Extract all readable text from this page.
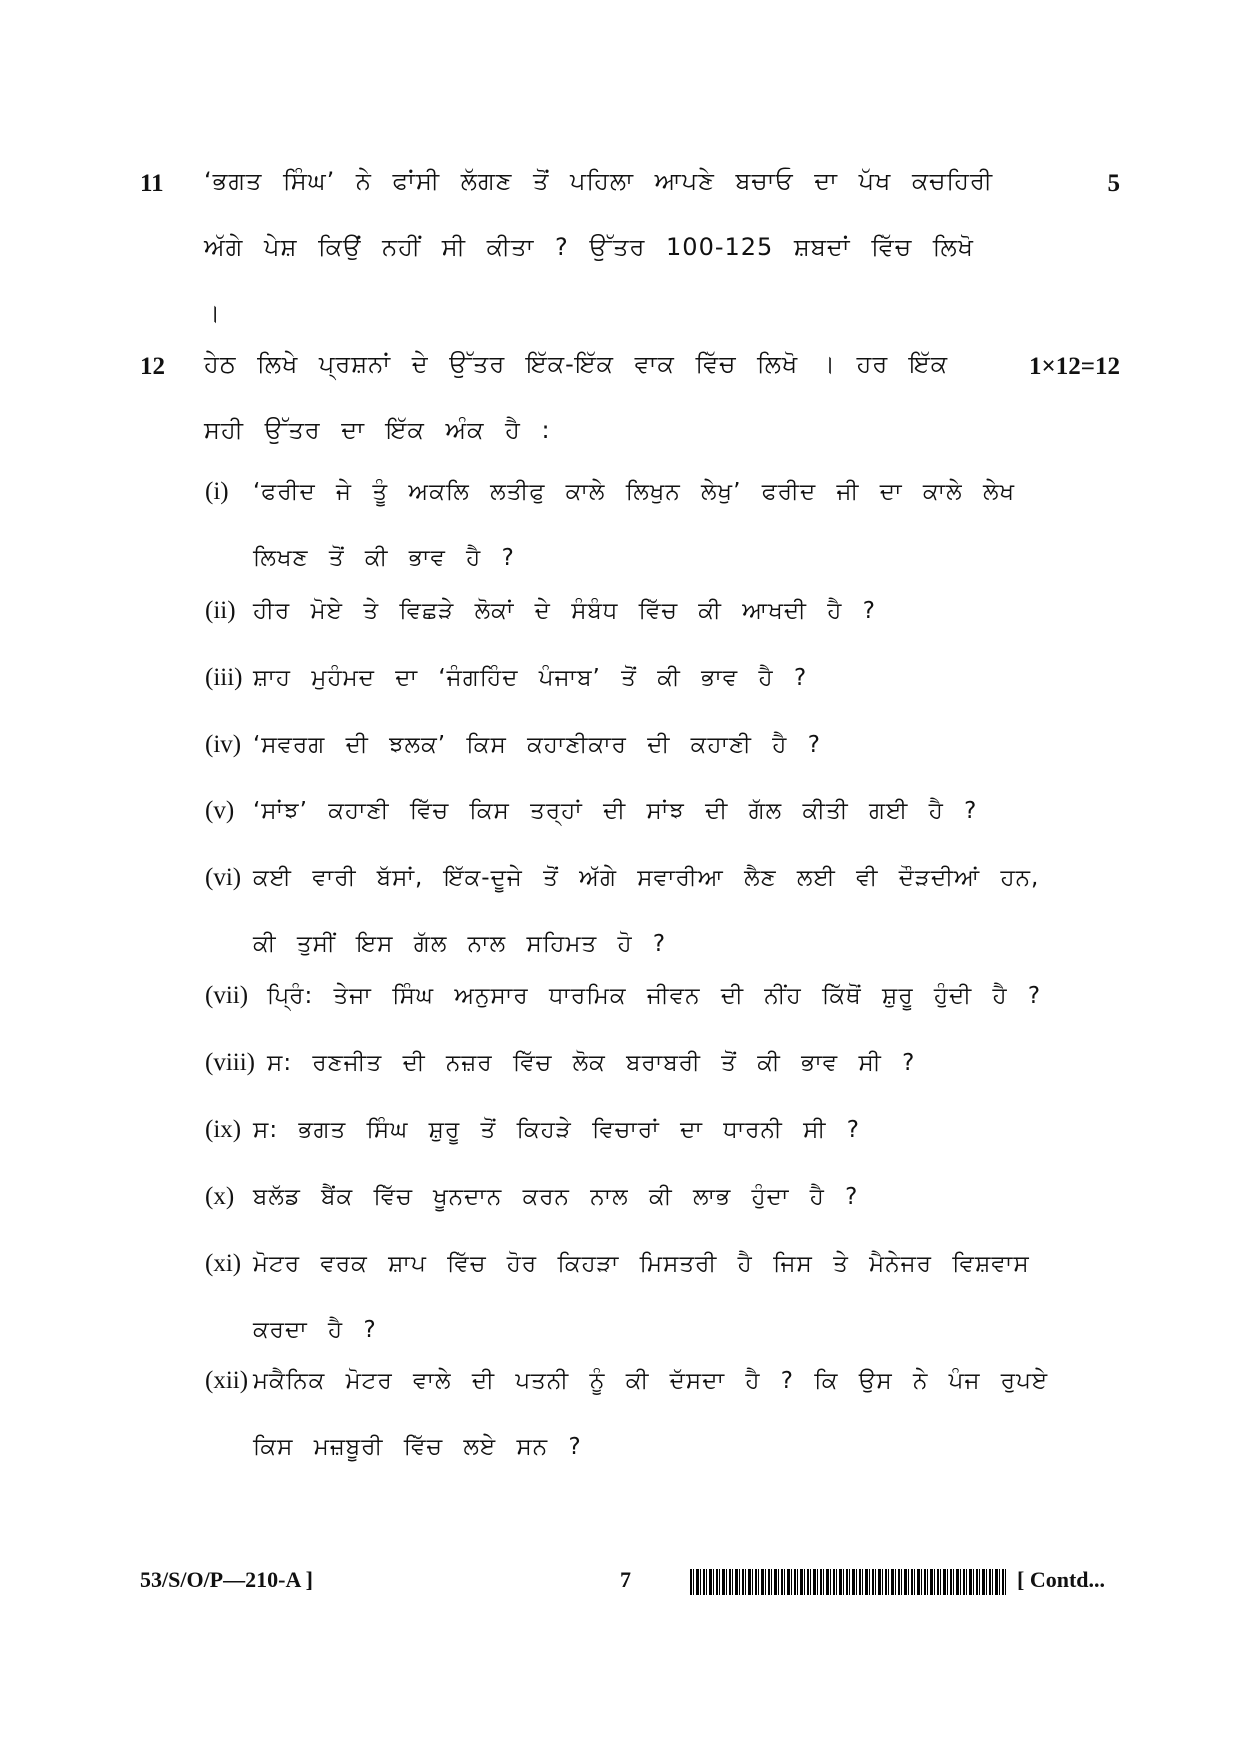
11 ‘ਭਗਤ ਸਿੰਘ’ ਨੇ ਫਾਂਸੀ ਲੱਗਣ ਤੋਂ ਪਹਿਲਾ ਆਪਣੇ ਬਚਾਓ ਦਾ ਪੱਖ ਕਚਹਿਰੀ ਅੱਗੇ ਪੇਸ਼ ਕਿਉਂ ਨਹੀਂ ਸੀ ਕੀਤਾ ? ਉੱਤਰ 100-125 ਸ਼ਬਦਾਂ ਵਿੱਚ ਲਿਖੋ ।
5
12 ਹੇਠ ਲਿਖੇ ਪ੍ਰਸ਼ਨਾਂ ਦੇ ਉੱਤਰ ਇੱਕ-ਇੱਕ ਵਾਕ ਵਿੱਚ ਲਿਖੋ । ਹਰ ਇੱਕ ਸਹੀ ਉੱਤਰ ਦਾ ਇੱਕ ਅੰਕ ਹੈ :
1×12=12
(i) ‘ਫਰੀਦ ਜੇ ਤੂੰ ਅਕਲਿ ਲਤੀਫੁ ਕਾਲੇ ਲਿਖੁਨ ਲੇਖੁ’ ਫਰੀਦ ਜੀ ਦਾ ਕਾਲੇ ਲੇਖ ਲਿਖਣ ਤੋਂ ਕੀ ਭਾਵ ਹੈ ?
(ii) ਹੀਰ ਮੋਏ ਤੇ ਵਿਛੜੇ ਲੋਕਾਂ ਦੇ ਸੰਬੰਧ ਵਿੱਚ ਕੀ ਆਖਦੀ ਹੈ ?
(iii) ਸ਼ਾਹ ਮੁਹੰਮਦ ਦਾ ‘ਜੰਗਹਿੰਦ ਪੰਜਾਬ’ ਤੋਂ ਕੀ ਭਾਵ ਹੈ ?
(iv) ‘ਸਵਰਗ ਦੀ ਝਲਕ’ ਕਿਸ ਕਹਾਣੀਕਾਰ ਦੀ ਕਹਾਣੀ ਹੈ ?
(v) ‘ਸਾਂਝ’ ਕਹਾਣੀ ਵਿੱਚ ਕਿਸ ਤਰ੍ਹਾਂ ਦੀ ਸਾਂਝ ਦੀ ਗੱਲ ਕੀਤੀ ਗਈ ਹੈ ?
(vi) ਕਈ ਵਾਰੀ ਬੱਸਾਂ, ਇੱਕ-ਦੂਜੇ ਤੋਂ ਅੱਗੇ ਸਵਾਰੀਆ ਲੈਣ ਲਈ ਵੀ ਦੌੜਦੀਆਂ ਹਨ, ਕੀ ਤੁਸੀਂ ਇਸ ਗੱਲ ਨਾਲ ਸਹਿਮਤ ਹੋ ?
(vii) ਪ੍ਰਿੰ: ਤੇਜਾ ਸਿੰਘ ਅਨੁਸਾਰ ਧਾਰਮਿਕ ਜੀਵਨ ਦੀ ਨੀਂਹ ਕਿੱਥੋਂ ਸ਼ੁਰੂ ਹੁੰਦੀ ਹੈ ?
(viii) ਸ: ਰਣਜੀਤ ਦੀ ਨਜ਼ਰ ਵਿੱਚ ਲੋਕ ਬਰਾਬਰੀ ਤੋਂ ਕੀ ਭਾਵ ਸੀ ?
(ix) ਸ: ਭਗਤ ਸਿੰਘ ਸ਼ੁਰੂ ਤੋਂ ਕਿਹੜੇ ਵਿਚਾਰਾਂ ਦਾ ਧਾਰਨੀ ਸੀ ?
(x) ਬਲੱਡ ਬੈਂਕ ਵਿੱਚ ਖੂਨਦਾਨ ਕਰਨ ਨਾਲ ਕੀ ਲਾਭ ਹੁੰਦਾ ਹੈ ?
(xi) ਮੋਟਰ ਵਰਕ ਸ਼ਾਪ ਵਿੱਚ ਹੋਰ ਕਿਹੜਾ ਮਿਸਤਰੀ ਹੈ ਜਿਸ ਤੇ ਮੈਨੇਜਰ ਵਿਸ਼ਵਾਸ ਕਰਦਾ ਹੈ ?
(xii) ਮਕੈਨਿਕ ਮੋਟਰ ਵਾਲੇ ਦੀ ਪਤਨੀ ਨੂੰ ਕੀ ਦੱਸਦਾ ਹੈ ? ਕਿ ਉਸ ਨੇ ਪੰਜ ਰੁਪਏ ਕਿਸ ਮਜ਼ਬੂਰੀ ਵਿੱਚ ਲਏ ਸਨ ?
53/S/O/P—210-A ]	7	[ Contd...
